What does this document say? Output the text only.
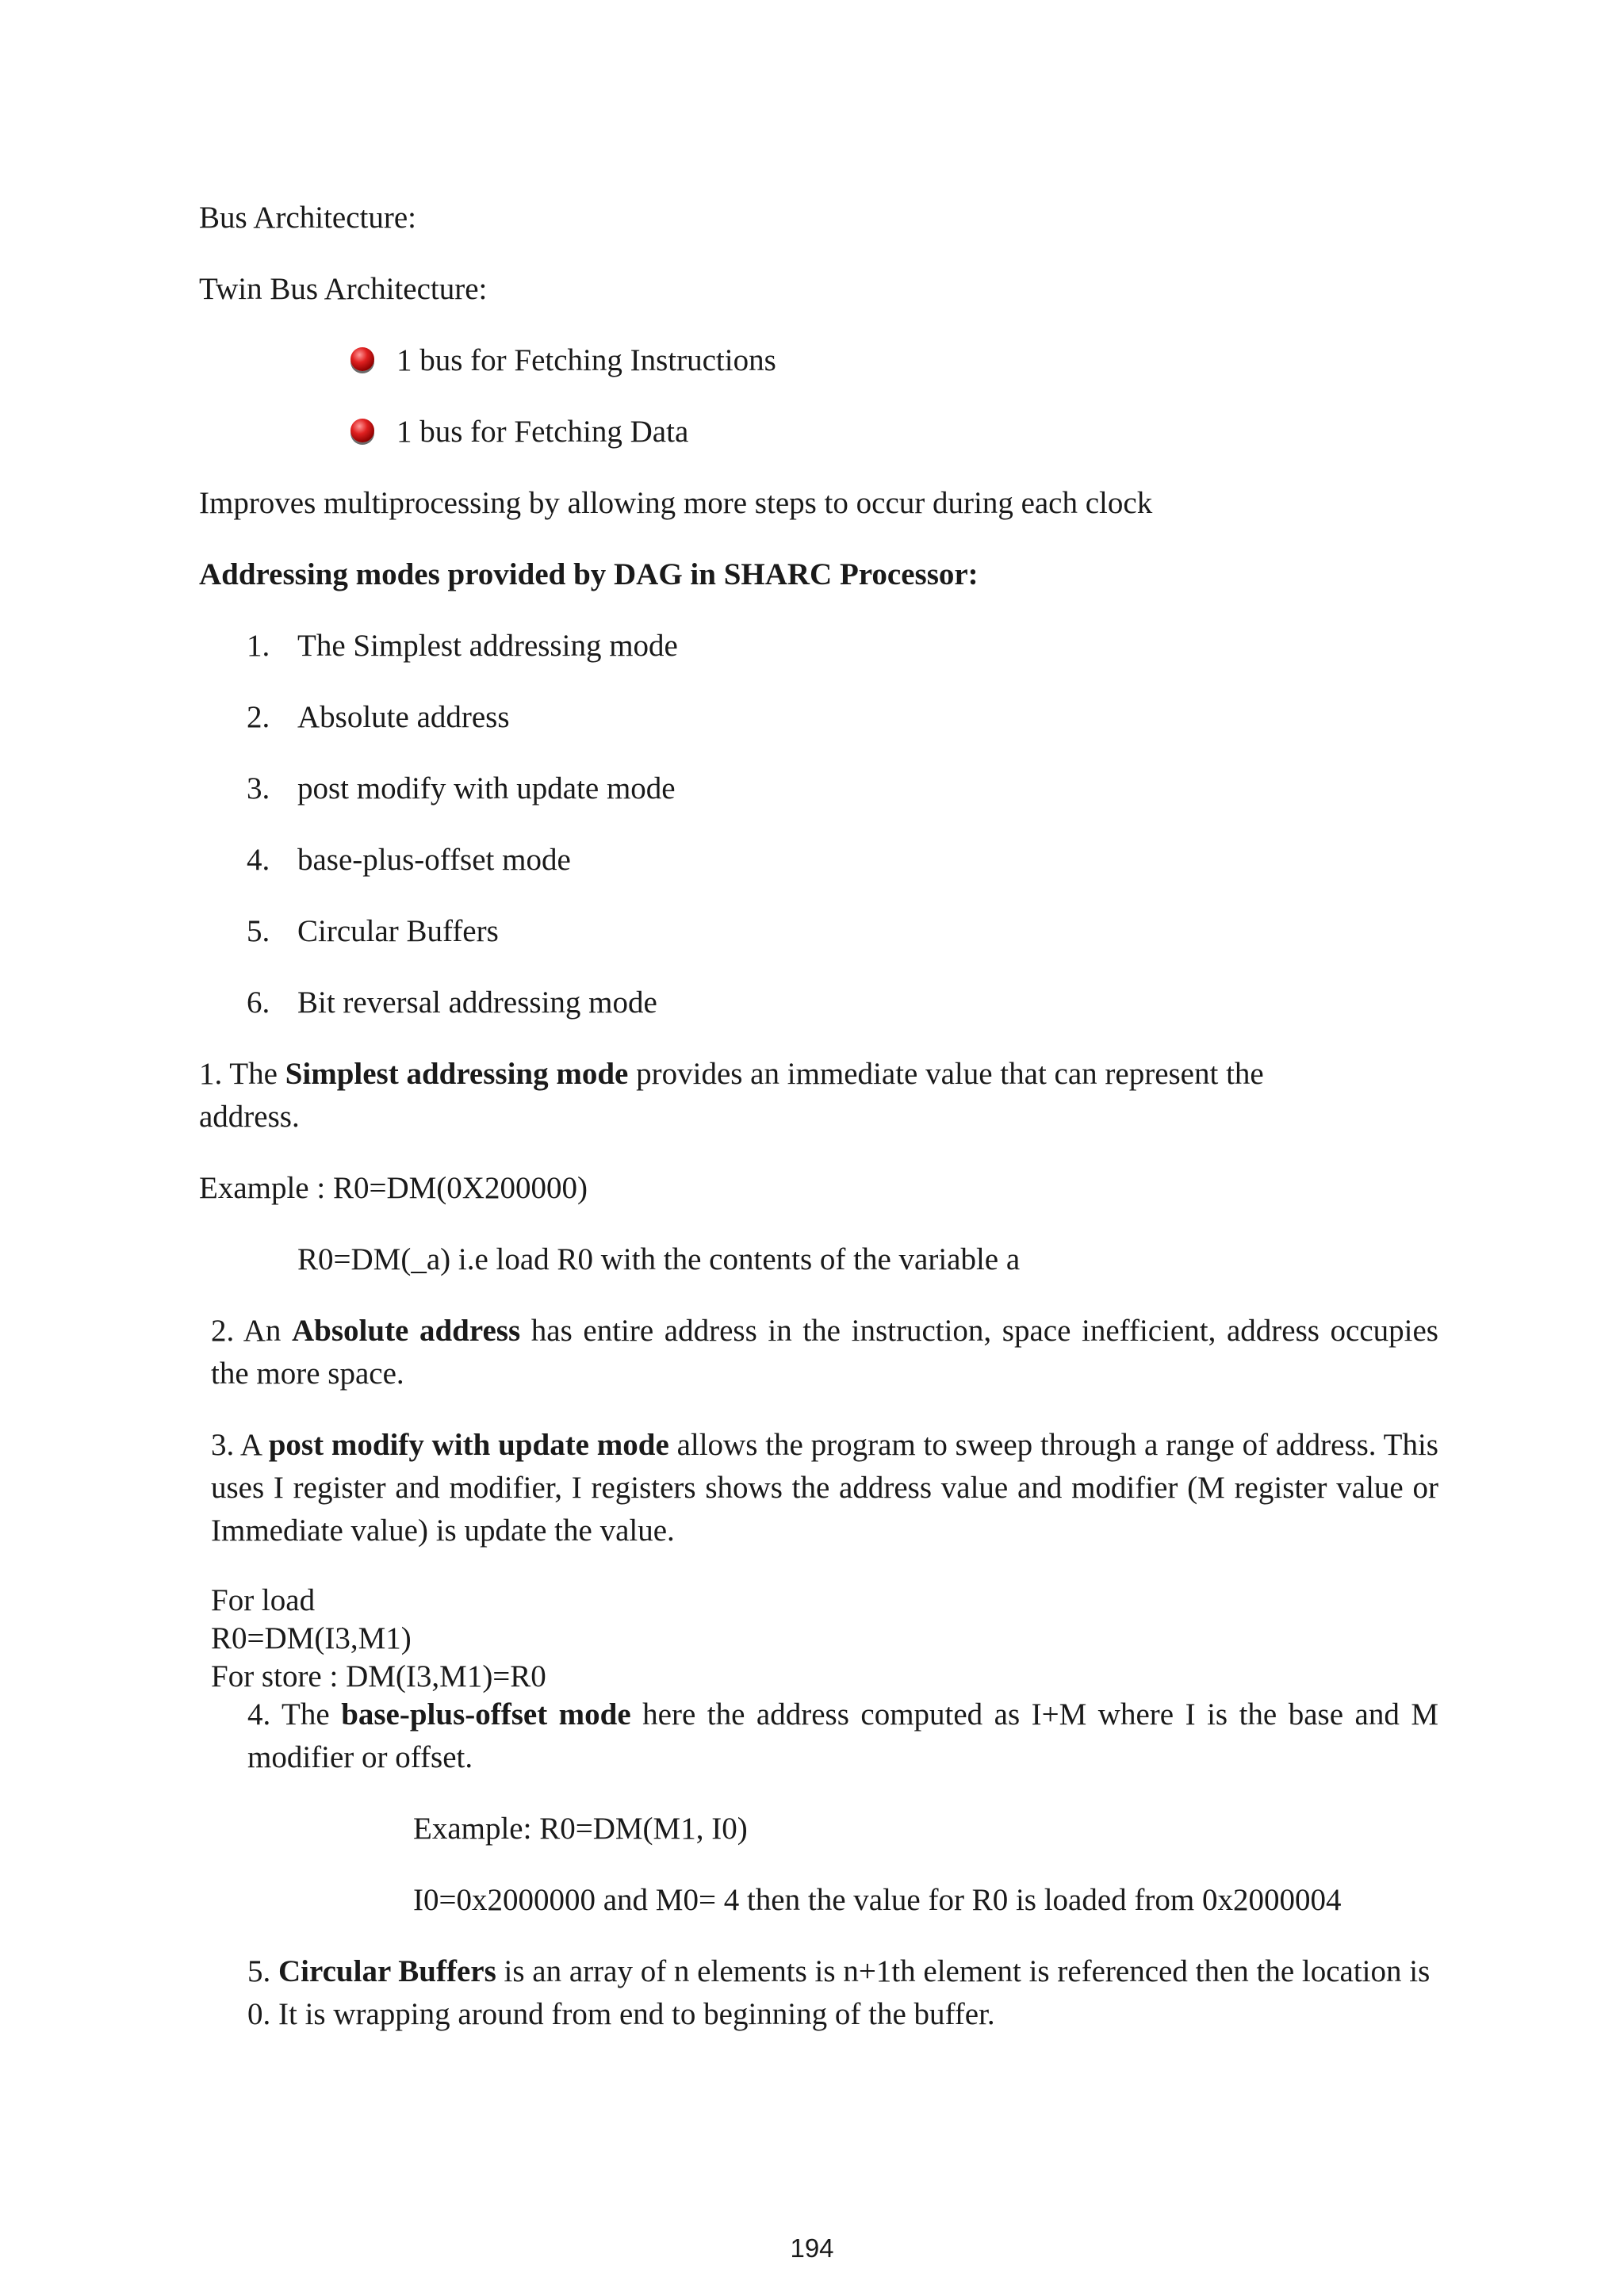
Bus Architecture:
Twin Bus Architecture:
1 bus for Fetching Instructions
1 bus for Fetching Data
Improves multiprocessing by allowing more steps to occur during each clock
Addressing modes provided by DAG in SHARC Processor:
1. The Simplest addressing mode
2. Absolute address
3. post modify with update mode
4. base-plus-offset mode
5. Circular Buffers
6. Bit reversal addressing mode
1. The Simplest addressing mode provides an immediate value that can represent the address.
Example : R0=DM(0X200000)
R0=DM(_a) i.e load R0 with the contents of the variable a
2. An Absolute address has entire address in the instruction, space inefficient, address occupies the more space.
3. A post modify with update mode allows the program to sweep through a range of address. This uses I register and modifier, I registers shows the address value and modifier (M register value or Immediate value) is update the value.
For load
R0=DM(I3,M1)
For store : DM(I3,M1)=R0
4. The base-plus-offset mode here the address computed as I+M where I is the base and M modifier or offset.
Example: R0=DM(M1, I0)
I0=0x2000000 and M0= 4 then the value for R0 is loaded from 0x2000004
5. Circular Buffers is an array of n elements is n+1th element is referenced then the location is 0. It is wrapping around from end to beginning of the buffer.
194
